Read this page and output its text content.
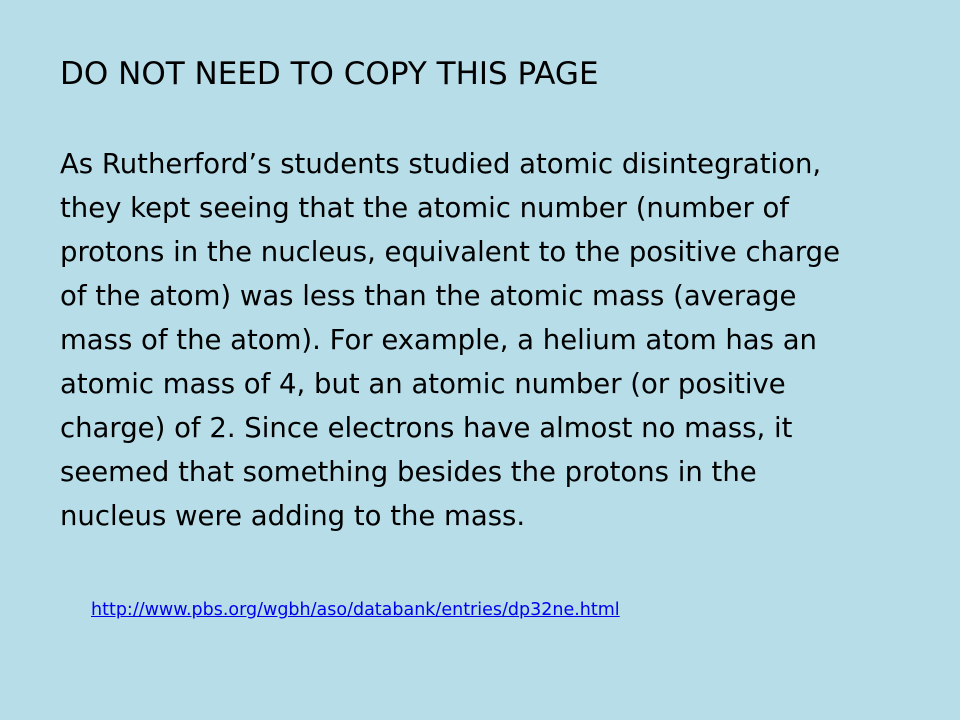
DO NOT NEED TO COPY THIS PAGE
As Rutherford’s students studied atomic disintegration,
they kept seeing that the atomic number (number of
protons in the nucleus, equivalent to the positive charge
of the atom) was less than the atomic mass (average
mass of the atom). For example, a helium atom has an
atomic mass of 4, but an atomic number (or positive
charge) of 2. Since electrons have almost no mass, it
seemed that something besides the protons in the
nucleus were adding to the mass.
http://www.pbs.org/wgbh/aso/databank/entries/dp32ne.html
